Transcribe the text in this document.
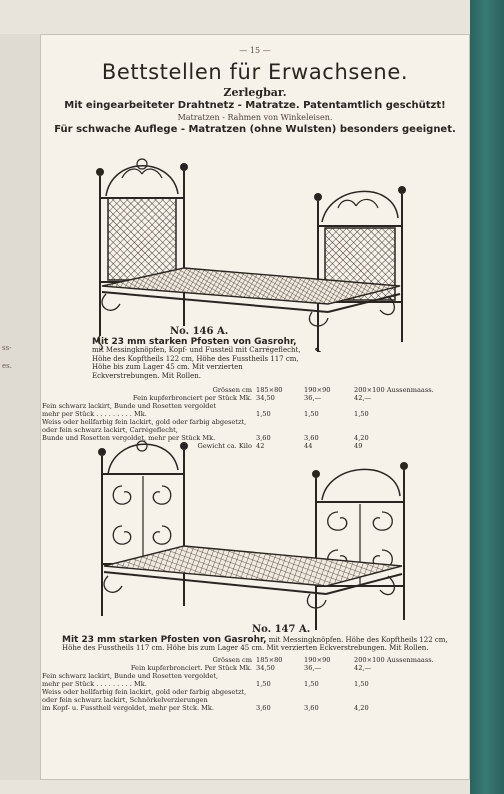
ss-
es.
— 15 —
Bettstellen für Erwachsene.
Zerlegbar.
Mit eingearbeiteter Drahtnetz - Matratze. Patentamtlich geschützt!
Matratzen - Rahmen von Winkeleisen.
Für schwache Auflege - Matratzen (ohne Wulsten) besonders geeignet.
No. 146 A.
Mit 23 mm starken Pfosten von Gasrohr, mit Messingknöpfen, Kopf- und Fussteil mit Carrégeflecht, Höhe des Kopftheils 122 cm, Höhe des Fusstheils 117 cm, Höhe bis zum Lager 45 cm. Mit verzierten Eckverstrebungen. Mit Rollen.
Grössen cm	185×80	190×90	200×100 Aussenmaass.
Fein kupferbronciert per Stück Mk.	34,50	36,—	42,—
Fein schwarz lackirt, Bunde und Rosetten vergoldet			
mehr per Stück . . . . . . . . . Mk.	1,50	1,50	1,50
Weiss oder hellfarbig fein lackirt, gold oder farbig abgesetzt, oder fein schwarz lackirt, Carrégeflecht,			
Bunde und Rosetten vergoldet, mehr per Stück Mk.	3,60	3,60	4,20
Gewicht ca. Kilo	42	44	49
No. 147 A.
Mit 23 mm starken Pfosten von Gasrohr, mit Messingknöpfen. Höhe des Kopftheils 122 cm, Höhe des Fusstheils 117 cm. Höhe bis zum Lager 45 cm. Mit verzierten Eckverstrebungen. Mit Rollen.
Grössen cm	185×80	190×90	200×100 Aussenmaass.
Fein kupferbronciert. Per Stück Mk.	34,50	36,—	42,—
Fein schwarz lackirt, Bunde und Rosetten vergoldet,			
mehr per Stück . . . . . . . . . Mk.	1,50	1,50	1,50
Weiss oder hellfarbig fein lackirt, gold oder farbig abgesetzt, oder fein schwarz lackirt, Schnörkelverzierungen			
im Kopf- u. Fusstheil vergoldet, mehr per Stck. Mk.	3,60	3,60	4,20
